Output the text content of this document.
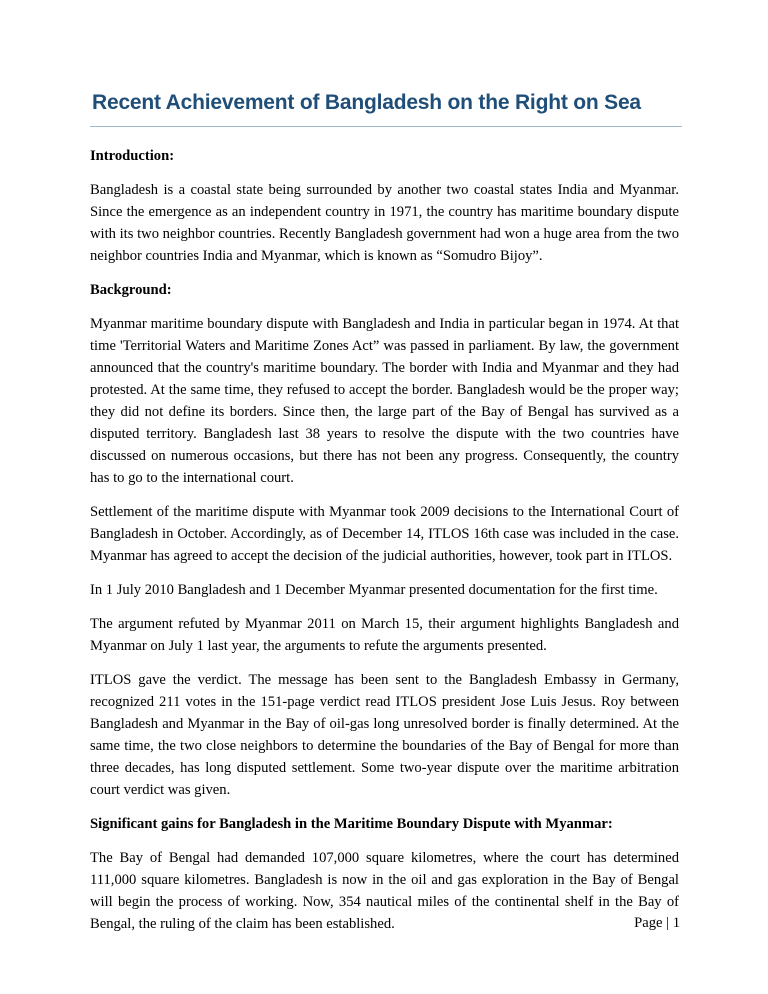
Recent Achievement of Bangladesh on the Right on Sea
Introduction:

Bangladesh is a coastal state being surrounded by another two coastal states India and Myanmar. Since the emergence as an independent country in 1971, the country has maritime boundary dispute with its two neighbor countries. Recently Bangladesh government had won a huge area from the two neighbor countries India and Myanmar, which is known as “Somudro Bijoy”.

Background:

Myanmar maritime boundary dispute with Bangladesh and India in particular began in 1974. At that time 'Territorial Waters and Maritime Zones Act” was passed in parliament. By law, the government announced that the country's maritime boundary. The border with India and Myanmar and they had protested. At the same time, they refused to accept the border. Bangladesh would be the proper way; they did not define its borders. Since then, the large part of the Bay of Bengal has survived as a disputed territory. Bangladesh last 38 years to resolve the dispute with the two countries have discussed on numerous occasions, but there has not been any progress. Consequently, the country has to go to the international court.

Settlement of the maritime dispute with Myanmar took 2009 decisions to the International Court of Bangladesh in October. Accordingly, as of December 14, ITLOS 16th case was included in the case. Myanmar has agreed to accept the decision of the judicial authorities, however, took part in ITLOS.

In 1 July 2010 Bangladesh and 1 December Myanmar presented documentation for the first time.

The argument refuted by Myanmar 2011 on March 15, their argument highlights Bangladesh and Myanmar on July 1 last year, the arguments to refute the arguments presented.

ITLOS gave the verdict. The message has been sent to the Bangladesh Embassy in Germany, recognized 211 votes in the 151-page verdict read ITLOS president Jose Luis Jesus. Roy between Bangladesh and Myanmar in the Bay of oil-gas long unresolved border is finally determined. At the same time, the two close neighbors to determine the boundaries of the Bay of Bengal for more than three decades, has long disputed settlement. Some two-year dispute over the maritime arbitration court verdict was given.

Significant gains for Bangladesh in the Maritime Boundary Dispute with Myanmar:

The Bay of Bengal had demanded 107,000 square kilometres, where the court has determined 111,000 square kilometres. Bangladesh is now in the oil and gas exploration in the Bay of Bengal will begin the process of working. Now, 354 nautical miles of the continental shelf in the Bay of Bengal, the ruling of the claim has been established.	Page | 1
